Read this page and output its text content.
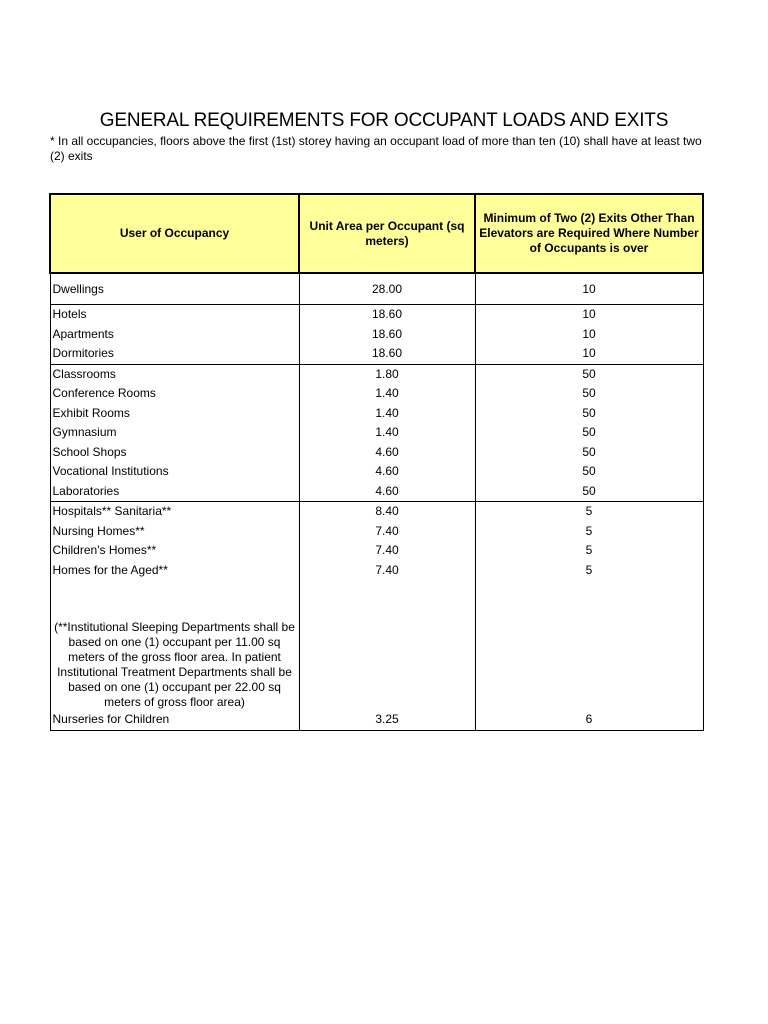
GENERAL REQUIREMENTS FOR OCCUPANT LOADS AND EXITS

* In all occupancies, floors above the first (1st) storey having an occupant load of more than ten (10) shall have at least two (2) exits

User of Occupancy	Unit Area per Occupant (sq meters)	Minimum of Two (2) Exits Other Than Elevators are Required Where Number of Occupants is over
Dwellings	28.00	10
Hotels	18.60	10
Apartments	18.60	10
Dormitories	18.60	10
Classrooms	1.80	50
Conference Rooms	1.40	50
Exhibit Rooms	1.40	50
Gymnasium	1.40	50
School Shops	4.60	50
Vocational Institutions	4.60	50
Laboratories	4.60	50
Hospitals** Sanitaria**	8.40	5
Nursing Homes**	7.40	5
Children's Homes**	7.40	5
Homes for the Aged**	7.40	5

(**Institutional Sleeping Departments shall be based on one (1) occupant per 11.00 sq meters of the gross floor area. In patient Institutional Treatment Departments shall be based on one (1) occupant per 22.00 sq meters of gross floor area)		
Nurseries for Children	3.25	6
